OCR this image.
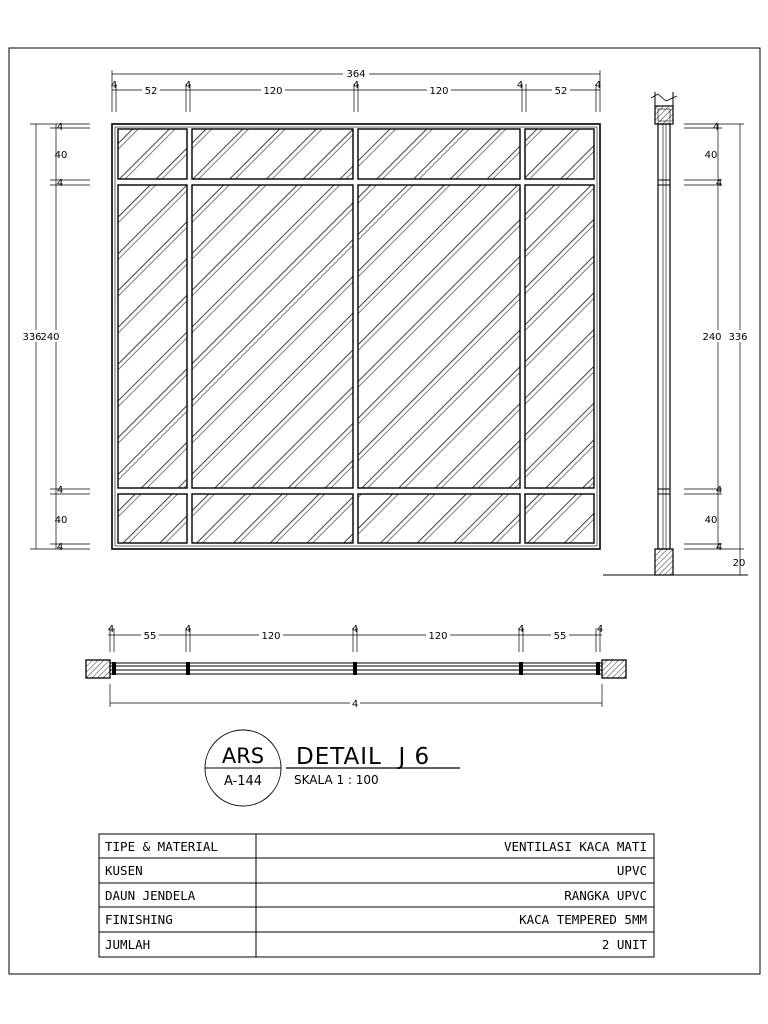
364
4
52
4
120
4
120
4
52
4
336
240
4
40
4
4
40
4
240 336
4
40
4
4
40
4
20
4
55
4
120
4
120
4
55
4
4
ARS
A-144
DETAIL  J 6
SKALA 1 : 100
TIPE & MATERIAL	VENTILASI KACA MATI
KUSEN	UPVC
DAUN JENDELA	RANGKA UPVC
FINISHING	KACA TEMPERED 5MM
JUMLAH	2 UNIT
